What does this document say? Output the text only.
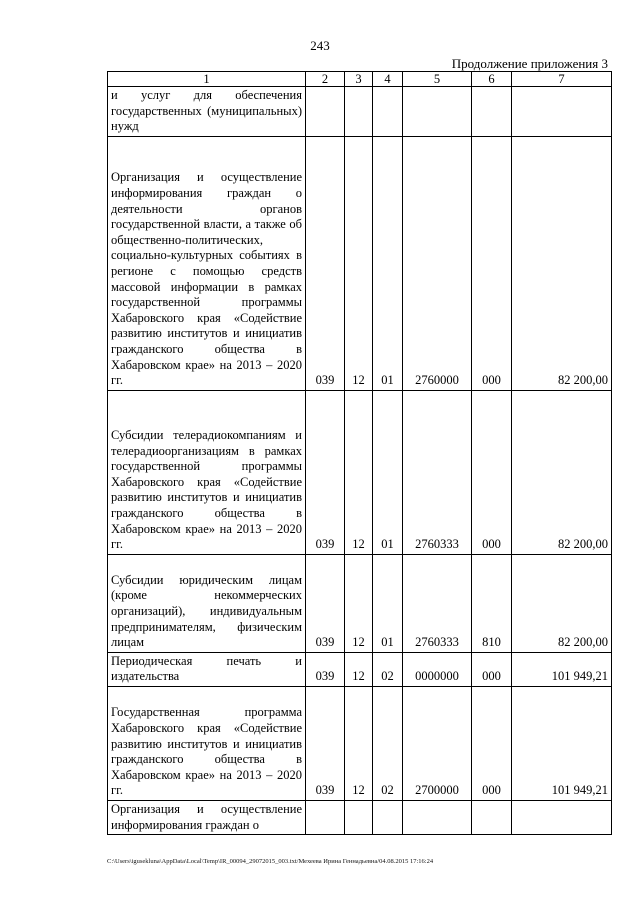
243
Продолжение приложения 3
1	2	3	4	5	6	7
и услуг для обеспечения государственных (муниципальных) нужд						
Организация и осуществление информирования граждан о деятельности органов государственной власти, а также об общественно-политических, социально-культурных событиях в регионе с помощью средств массовой информации в рамках государственной программы Хабаровского края «Содействие развитию институтов и инициатив гражданского общества в Хабаровском крае» на 2013 – 2020 гг.	039	12	01	2760000	000	82 200,00
Субсидии телерадиокомпаниям и телерадиоорганизациям в рамках государственной программы Хабаровского края «Содействие развитию институтов и инициатив гражданского общества в Хабаровском крае» на 2013 – 2020 гг.	039	12	01	2760333	000	82 200,00
Субсидии юридическим лицам (кроме некоммерческих организаций), индивидуальным предпринимателям, физическим лицам	039	12	01	2760333	810	82 200,00
Периодическая печать и издательства	039	12	02	0000000	000	101 949,21
Государственная программа Хабаровского края «Содействие развитию институтов и инициатив гражданского общества в Хабаровском крае» на 2013 – 2020 гг.	039	12	02	2700000	000	101 949,21
Организация и осуществление информирования граждан о						
C:\Users\igusekluna\AppData\Local\Temp\IR_00094_29072015_003.txt/Мехеева Ирина Геннадьевна/04.08.2015 17:16:24
